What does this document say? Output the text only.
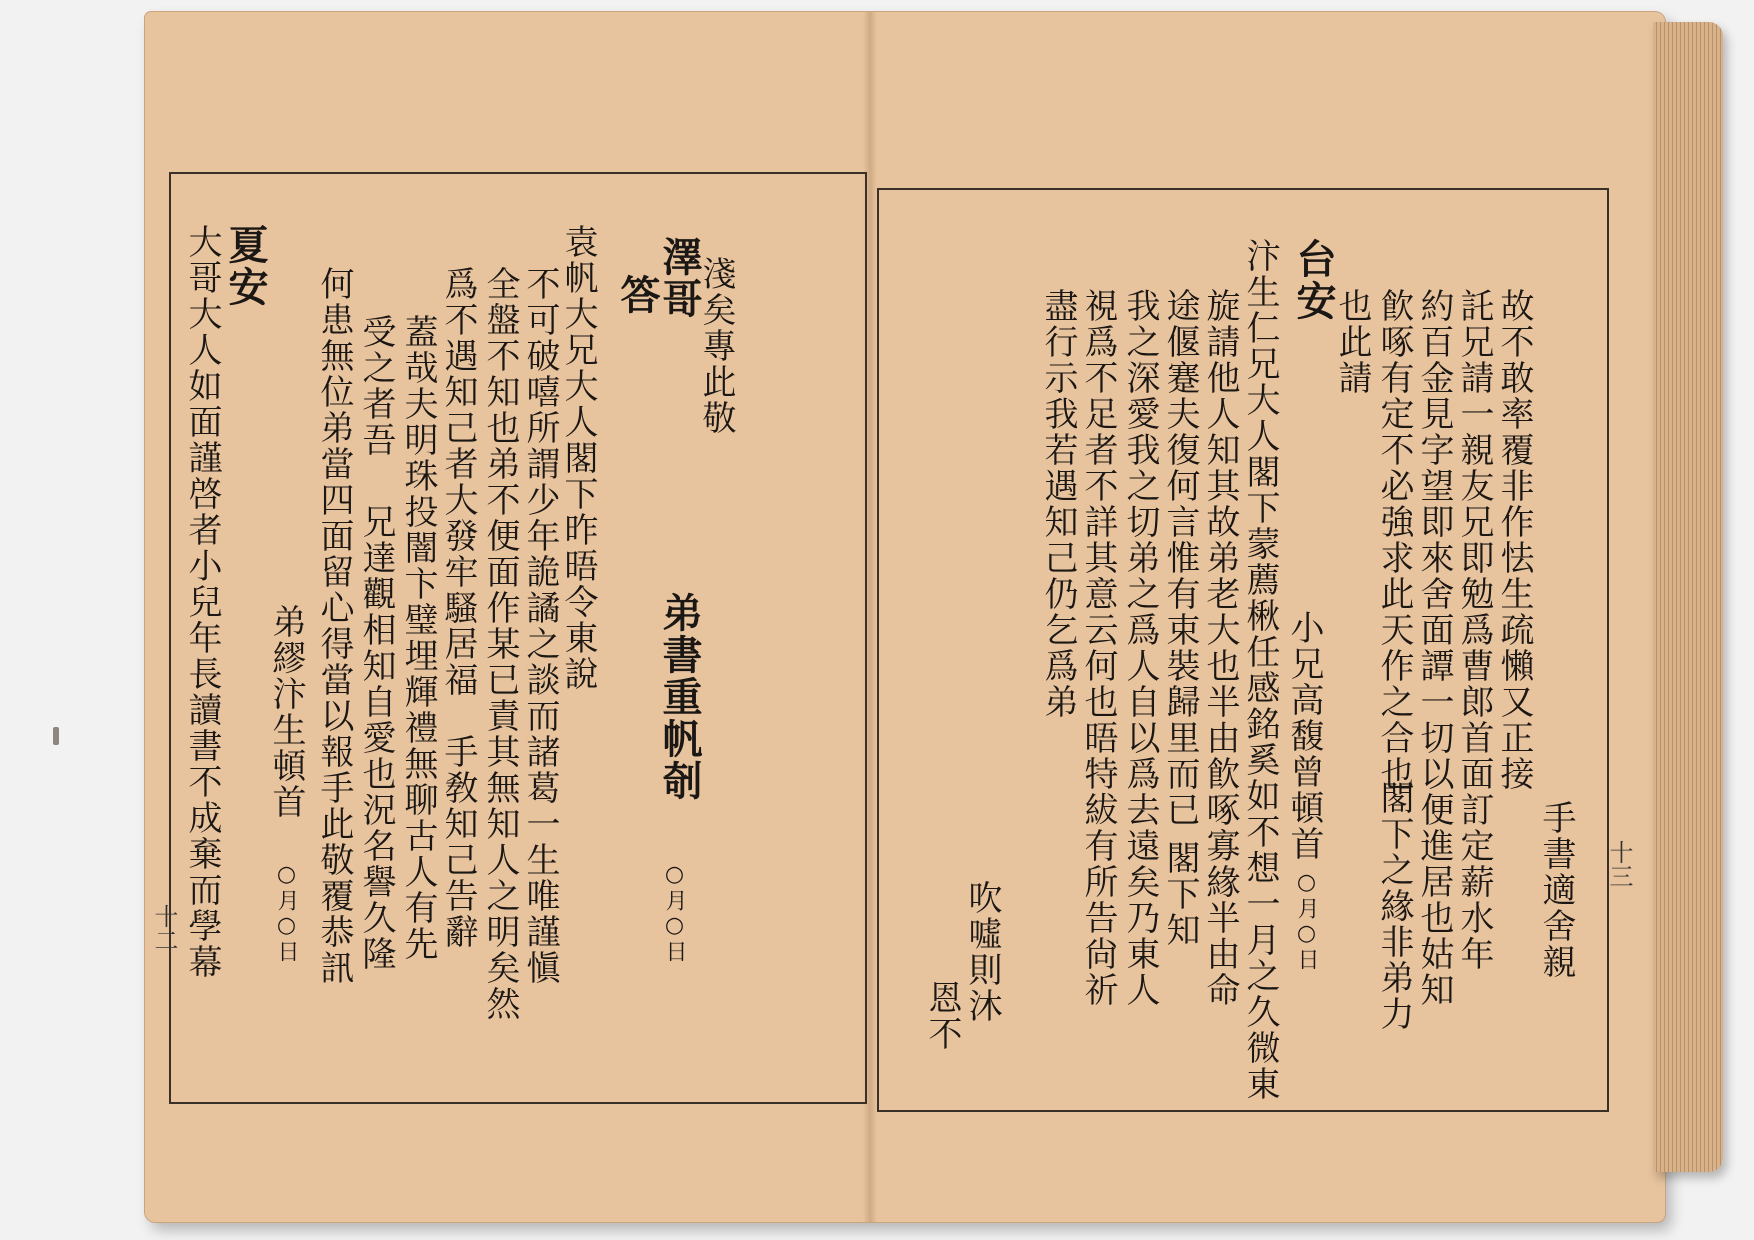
十二
淺矣專此敬
澤哥
答
弟書重帆剞
○月○日
袁帆大兄大人閣下昨晤令東說
不可破嘻所謂少年詭譎之談而諸葛一生唯謹愼
全盤不知也弟不便面作某已責其無知人之明矣然
爲不遇知己者大發牢騷居福
手敎知己告辭
蓋哉夫明珠投闇卞璧埋輝禮無聊古人有先
受之者吾
兄達觀相知自愛也況名譽久隆
何患無位弟當四面留心得當以報手此敬覆恭訊
夏安
弟繆汴生頓首
○月○日
大哥大人如面謹啓者小兒年長讀書不成棄而學幕	十三
故不敢率覆非作怯生疏懶又正接
手書適舍親
託兄請一親友兄即勉爲曹郎首面訂定薪水年
約百金見字望即來舍面譚一切以便進居也姑知
飮啄有定不必強求此天作之合也
閣下之緣非弟力
也此請
台安
小兄高馥曾頓首
○月○日
汴生仁兄大人閣下蒙薦楸任感銘奚如不想一月之久微東
旋請他人知其故弟老大也半由飮啄寡緣半由命
途偃蹇夫復何言惟有束裝歸里而已
閣下知
我之深愛我之切弟之爲人自以爲去遠矣乃東人
視爲不足者不詳其意云何也晤特紱有所告尙祈
盡行示我若遇知己仍乞爲弟
吹噓則沐
恩不
